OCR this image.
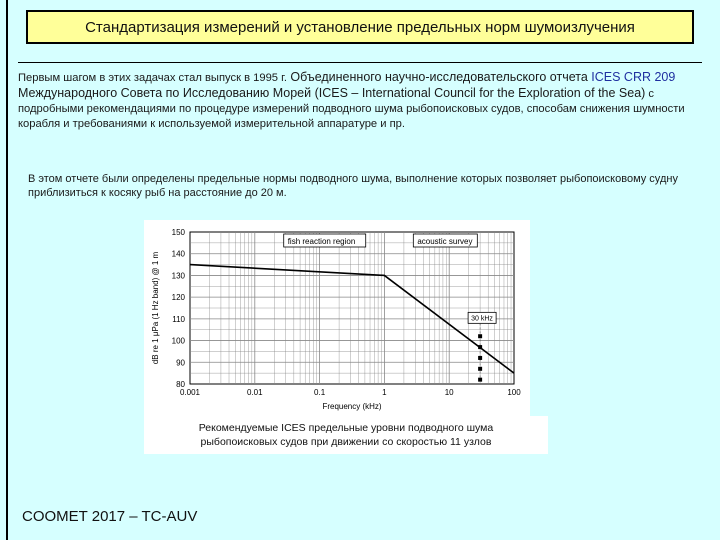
Стандартизация измерений и установление предельных норм шумоизлучения
Первым шагом в этих задачах стал выпуск в 1995 г. Объединенного научно-исследовательского отчета ICES CRR 209 Международного Совета по Исследованию Морей (ICES – International Council for the Exploration of the Sea) с подробными рекомендациями по процедуре измерений подводного шума рыбопоисковых судов, способам снижения шумности корабля и требованиями к используемой измерительной аппаратуре и пр.
В этом отчете были определены предельные нормы подводного шума, выполнение которых позволяет рыбопоисковому судну приблизиться к косяку рыб на расстояние до 20 м.
80
90
100
110
120
130
140
150
0.001	0.01	0.1	1	10	100
Frequency (kHz)
dB re 1 μPa (1 Hz band) @ 1 m
fish reaction region	acoustic survey
30 kHz
Рекомендуемые ICES предельные уровни подводного шума
рыбопоисковых судов при движении со скоростью 11 узлов
COOMET 2017 – TC-AUV
